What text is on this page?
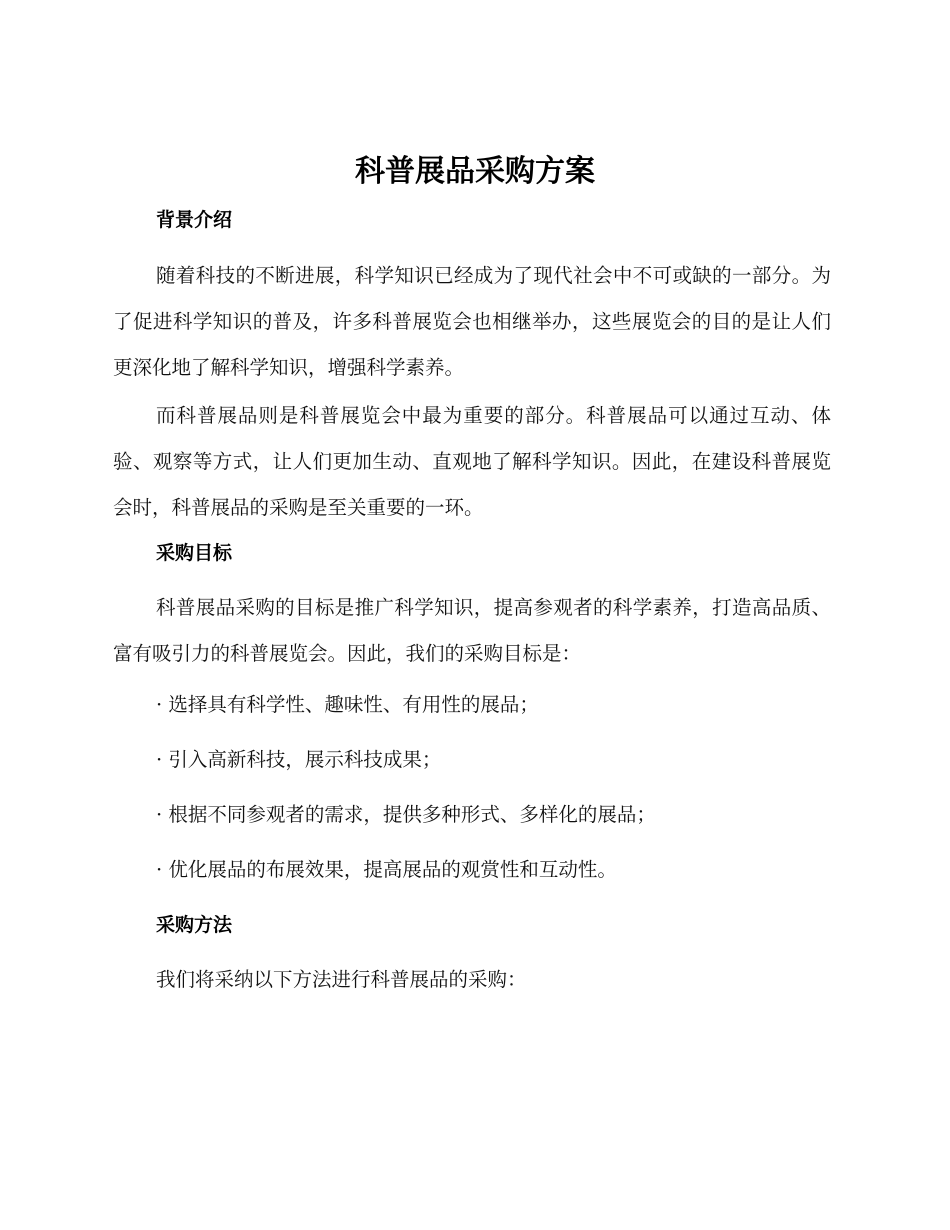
科普展品采购方案
背景介绍

随着科技的不断进展，科学知识已经成为了现代社会中不可或缺的一部分。为了促进科学知识的普及，许多科普展览会也相继举办，这些展览会的目的是让人们更深化地了解科学知识，增强科学素养。

而科普展品则是科普展览会中最为重要的部分。科普展品可以通过互动、体验、观察等方式，让人们更加生动、直观地了解科学知识。因此，在建设科普展览会时，科普展品的采购是至关重要的一环。

采购目标

科普展品采购的目标是推广科学知识，提高参观者的科学素养，打造高品质、富有吸引力的科普展览会。因此，我们的采购目标是：

· 选择具有科学性、趣味性、有用性的展品；
· 引入高新科技，展示科技成果；
· 根据不同参观者的需求，提供多种形式、多样化的展品；
· 优化展品的布展效果，提高展品的观赏性和互动性。
采购方法

我们将采纳以下方法进行科普展品的采购：
